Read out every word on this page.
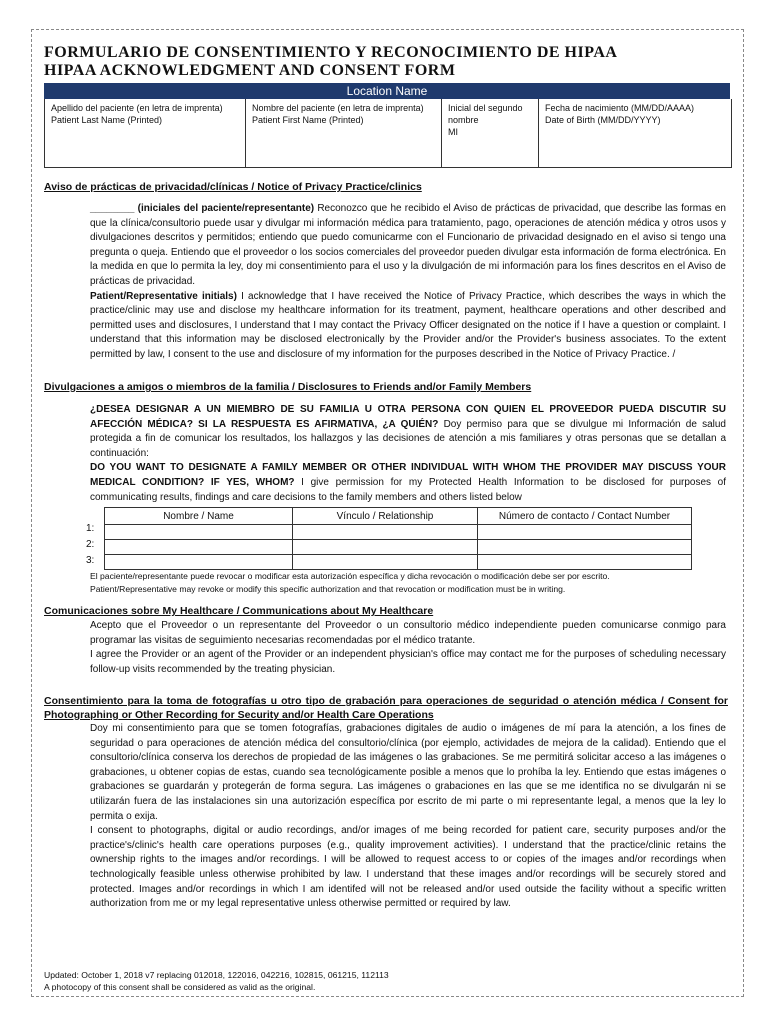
FORMULARIO DE CONSENTIMIENTO Y RECONOCIMIENTO DE HIPAA
HIPAA ACKNOWLEDGMENT AND CONSENT FORM
Location Name
Apellido del paciente (en letra de imprenta)
Patient Last Name (Printed)
Nombre del paciente (en letra de imprenta)
Patient First Name (Printed)
Inicial del segundo nombre
MI
Fecha de nacimiento (MM/DD/AAAA)
Date of Birth (MM/DD/YYYY)
Aviso de prácticas de privacidad/clínicas / Notice of Privacy Practice/clinics
________ (iniciales del paciente/representante) Reconozco que he recibido el Aviso de prácticas de privacidad, que describe las formas en que la clínica/consultorio puede usar y divulgar mi información médica para tratamiento, pago, operaciones de atención médica y otros usos y divulgaciones descritos y permitidos; entiendo que puedo comunicarme con el Funcionario de privacidad designado en el aviso si tengo una pregunta o queja. Entiendo que el proveedor o los socios comerciales del proveedor pueden divulgar esta información de forma electrónica. En la medida en que lo permita la ley, doy mi consentimiento para el uso y la divulgación de mi información para los fines descritos en el Aviso de prácticas de privacidad.
Patient/Representative initials) I acknowledge that I have received the Notice of Privacy Practice, which describes the ways in which the practice/clinic may use and disclose my healthcare information for its treatment, payment, healthcare operations and other described and permitted uses and disclosures, I understand that I may contact the Privacy Officer designated on the notice if I have a question or complaint. I understand that this information may be disclosed electronically by the Provider and/or the Provider's business associates. To the extent permitted by law, I consent to the use and disclosure of my information for the purposes described in the Notice of Privacy Practice. /
Divulgaciones a amigos o miembros de la familia / Disclosures to Friends and/or Family Members
¿DESEA DESIGNAR A UN MIEMBRO DE SU FAMILIA U OTRA PERSONA CON QUIEN EL PROVEEDOR PUEDA DISCUTIR SU AFECCIÓN MÉDICA? SI LA RESPUESTA ES AFIRMATIVA, ¿A QUIÉN? Doy permiso para que se divulgue mi Información de salud protegida a fin de comunicar los resultados, los hallazgos y las decisiones de atención a mis familiares y otras personas que se detallan a continuación:
DO YOU WANT TO DESIGNATE A FAMILY MEMBER OR OTHER INDIVIDUAL WITH WHOM THE PROVIDER MAY DISCUSS YOUR MEDICAL CONDITION? IF YES, WHOM? I give permission for my Protected Health Information to be disclosed for purposes of communicating results, findings and care decisions to the family members and others listed below
Nombre / Name	Vínculo / Relationship	Número de contacto / Contact Number

1:
2:
3:
El paciente/representante puede revocar o modificar esta autorización específica y dicha revocación o modificación debe ser por escrito.
Patient/Representative may revoke or modify this specific authorization and that revocation or modification must be in writing.
Comunicaciones sobre My Healthcare / Communications about My Healthcare
Acepto que el Proveedor o un representante del Proveedor o un consultorio médico independiente pueden comunicarse conmigo para programar las visitas de seguimiento necesarias recomendadas por el médico tratante.
I agree the Provider or an agent of the Provider or an independent physician's office may contact me for the purposes of scheduling necessary follow-up visits recommended by the treating physician.
Consentimiento para la toma de fotografías u otro tipo de grabación para operaciones de seguridad o atención médica / Consent for Photographing or Other Recording for Security and/or Health Care Operations
Doy mi consentimiento para que se tomen fotografías, grabaciones digitales de audio o imágenes de mí para la atención, a los fines de seguridad o para operaciones de atención médica del consultorio/clínica (por ejemplo, actividades de mejora de la calidad). Entiendo que el consultorio/clínica conserva los derechos de propiedad de las imágenes o las grabaciones. Se me permitirá solicitar acceso a las imágenes o grabaciones, u obtener copias de estas, cuando sea tecnológicamente posible a menos que lo prohíba la ley. Entiendo que estas imágenes o grabaciones se guardarán y protegerán de forma segura. Las imágenes o grabaciones en las que se me identifica no se divulgarán ni se utilizarán fuera de las instalaciones sin una autorización específica por escrito de mi parte o mi representante legal, a menos que la ley lo permita o exija.
I consent to photographs, digital or audio recordings, and/or images of me being recorded for patient care, security purposes and/or the practice's/clinic's health care operations purposes (e.g., quality improvement activities). I understand that the practice/clinic retains the ownership rights to the images and/or recordings. I will be allowed to request access to or copies of the images and/or recordings when technologically feasible unless otherwise prohibited by law. I understand that these images and/or recordings will be securely stored and protected. Images and/or recordings in which I am identifed will not be released and/or used outside the facility without a specific written authorization from me or my legal representative unless otherwise permitted or required by law.
Updated: October 1, 2018 v7 replacing 012018, 122016, 042216, 102815, 061215, 112113
A photocopy of this consent shall be considered as valid as the original.
